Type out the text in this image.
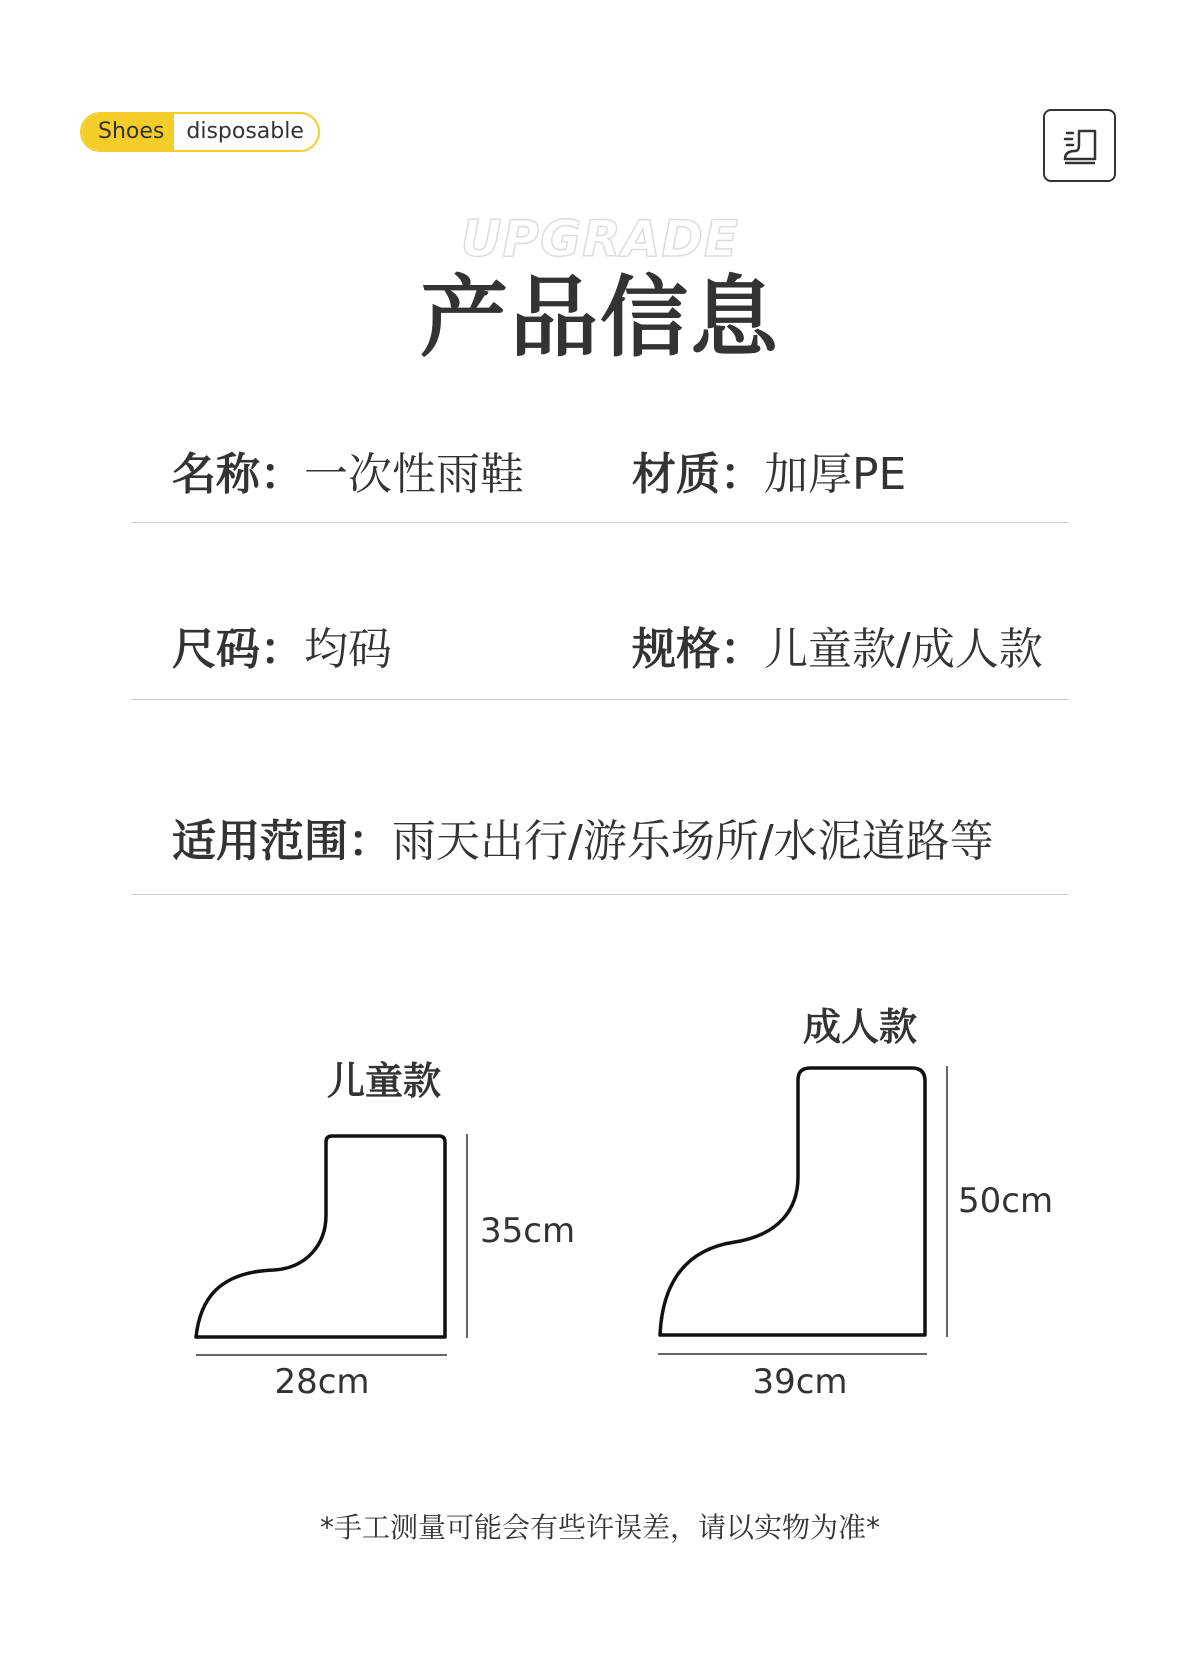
Shoes	disposable
UPGRADE
产品信息
名称：一次性雨鞋 材质：加厚PE
尺码：均码	规格：儿童款/成人款
适用范围：雨天出行/游乐场所/水泥道路等
儿童款
35cm
28cm
成人款
50cm
39cm
*手工测量可能会有些许误差，请以实物为准*
